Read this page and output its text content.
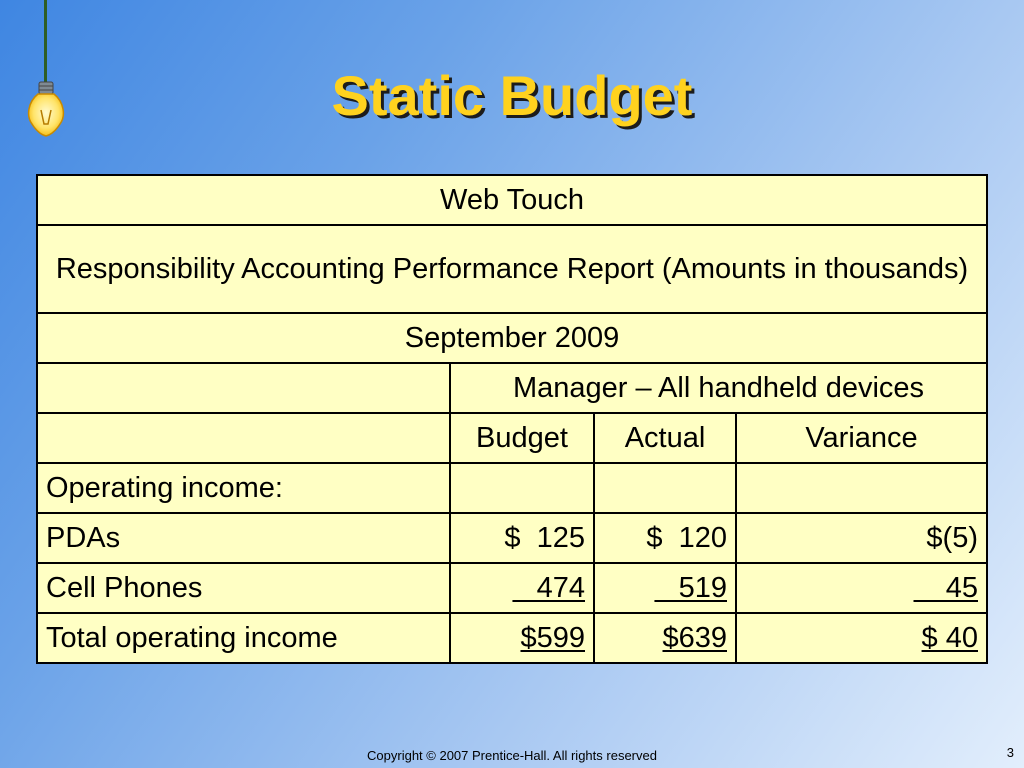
Static Budget
Web Touch			
Responsibility Accounting Performance Report (Amounts in thousands)			
September 2009			
	Manager – All handheld devices		
	Budget	Actual	Variance
Operating income:			
PDAs	$  125	$  120	$(5)
Cell Phones	474	519	45
Total operating income	$599	$639	$ 40
Copyright © 2007 Prentice-Hall. All rights reserved	3
